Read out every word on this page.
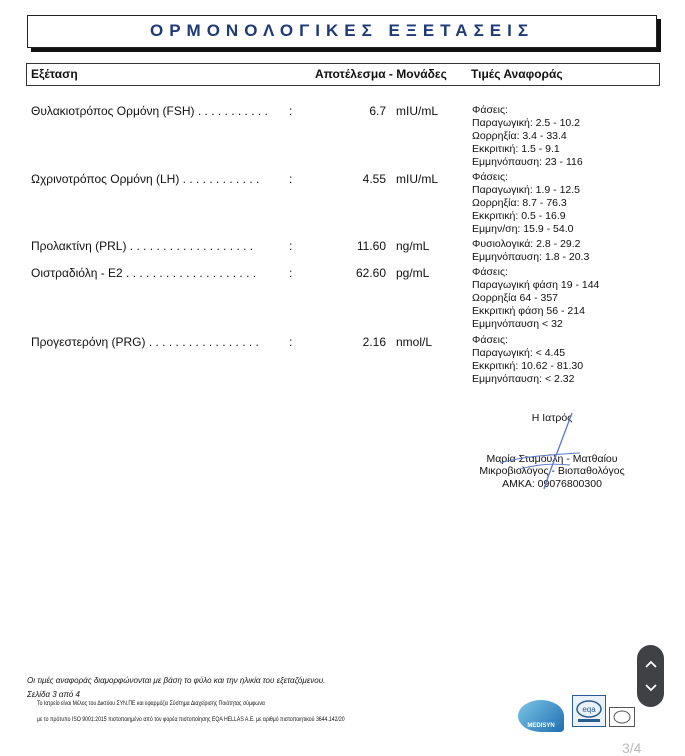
ΟΡΜΟΝΟΛΟΓΙΚΕΣ ΕΞΕΤΑΣΕΙΣ
Εξέταση	Αποτέλεσμα - Μονάδες Τιμές Αναφοράς
Θυλακιοτρόπος Ορμόνη (FSH) . . . . . . . . . . . :	6.7 mIU/mL	Φάσεις:
Παραγωγική: 2.5 - 10.2
Ωορρηξία: 3.4 - 33.4
Εκκριτική: 1.5 - 9.1
Εμμηνόπαυση: 23 - 116
Ωχρινοτρόπος Ορμόνη (LH) . . . . . . . . . . . . :	4.55 mIU/mL	Φάσεις:
Παραγωγική: 1.9 - 12.5
Ωορρηξία: 8.7 - 76.3
Εκκριτική: 0.5 - 16.9
Εμμην/ση: 15.9 - 54.0
Προλακτίνη (PRL) . . . . . . . . . . . . . . . . . . .	:	11.60 ng/mL	Φυσιολογικά: 2.8 - 29.2
Εμμηνόπαυση: 1.8 - 20.3
Οιστραδιόλη - E2 . . . . . . . . . . . . . . . . . . . .	:	62.60 pg/mL	Φάσεις:
Παραγωγική φάση 19 - 144
Ωορρηξία 64 - 357
Εκκριτική φάση 56 - 214
Εμμηνόπαυση < 32
Προγεστερόνη (PRG) . . . . . . . . . . . . . . . . .	:	2.16 nmol/L	Φάσεις:
Παραγωγική: < 4.45
Εκκριτική: 10.62 - 81.30
Εμμηνόπαυση: < 2.32
Η Ιατρός
Μαρία Σταμούλη - Ματθαίου
Μικροβιολόγος - Βιοπαθολόγος
ΑΜΚΑ: 09076800300
Οι τιμές αναφοράς διαμορφώνονται με βάση το φύλο και την ηλικία του εξεταζόμενου.
Σελίδα 3 από 4
Το Ιατρείο είναι Μέλος του Δικτύου ΣΥΝ.ΠΕ και εφαρμόζει Σύστημα Διαχείρισης Ποιότητας σύμφωνα
με το πρότυπο ISO 9001:2015 πιστοποιημένο από τον φορέα πιστοποίησης EQA HELLAS A.E. με αριθμό πιστοποιητικού 3644.142/20
MEDISYN
eqa
3/4
